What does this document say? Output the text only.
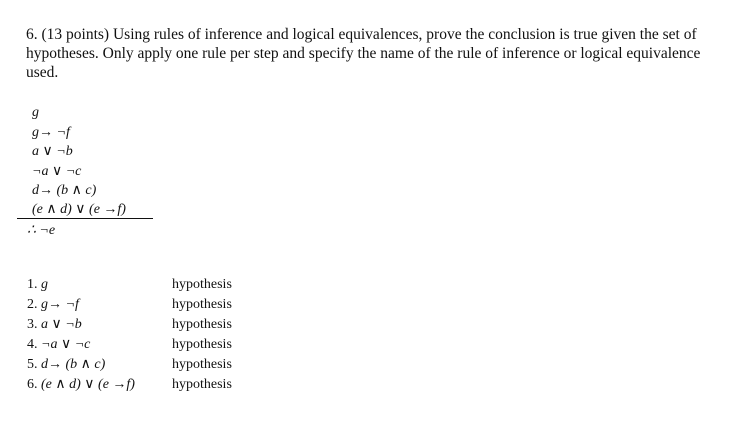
6. (13 points) Using rules of inference and logical equivalences, prove the conclusion is true given the set of hypotheses. Only apply one rule per step and specify the name of the rule of inference or logical equivalence used.
g
g→ ¬f
a ∨ ¬b
¬a ∨ ¬c
d→ (b ∧ c)
(e ∧ d) ∨ (e →f)
∴ ¬e
1. g	hypothesis
2. g→ ¬f	hypothesis
3. a ∨ ¬b	hypothesis
4. ¬a ∨ ¬c	hypothesis
5. d→ (b ∧ c)	hypothesis
6. (e ∧ d) ∨ (e →f)	hypothesis
